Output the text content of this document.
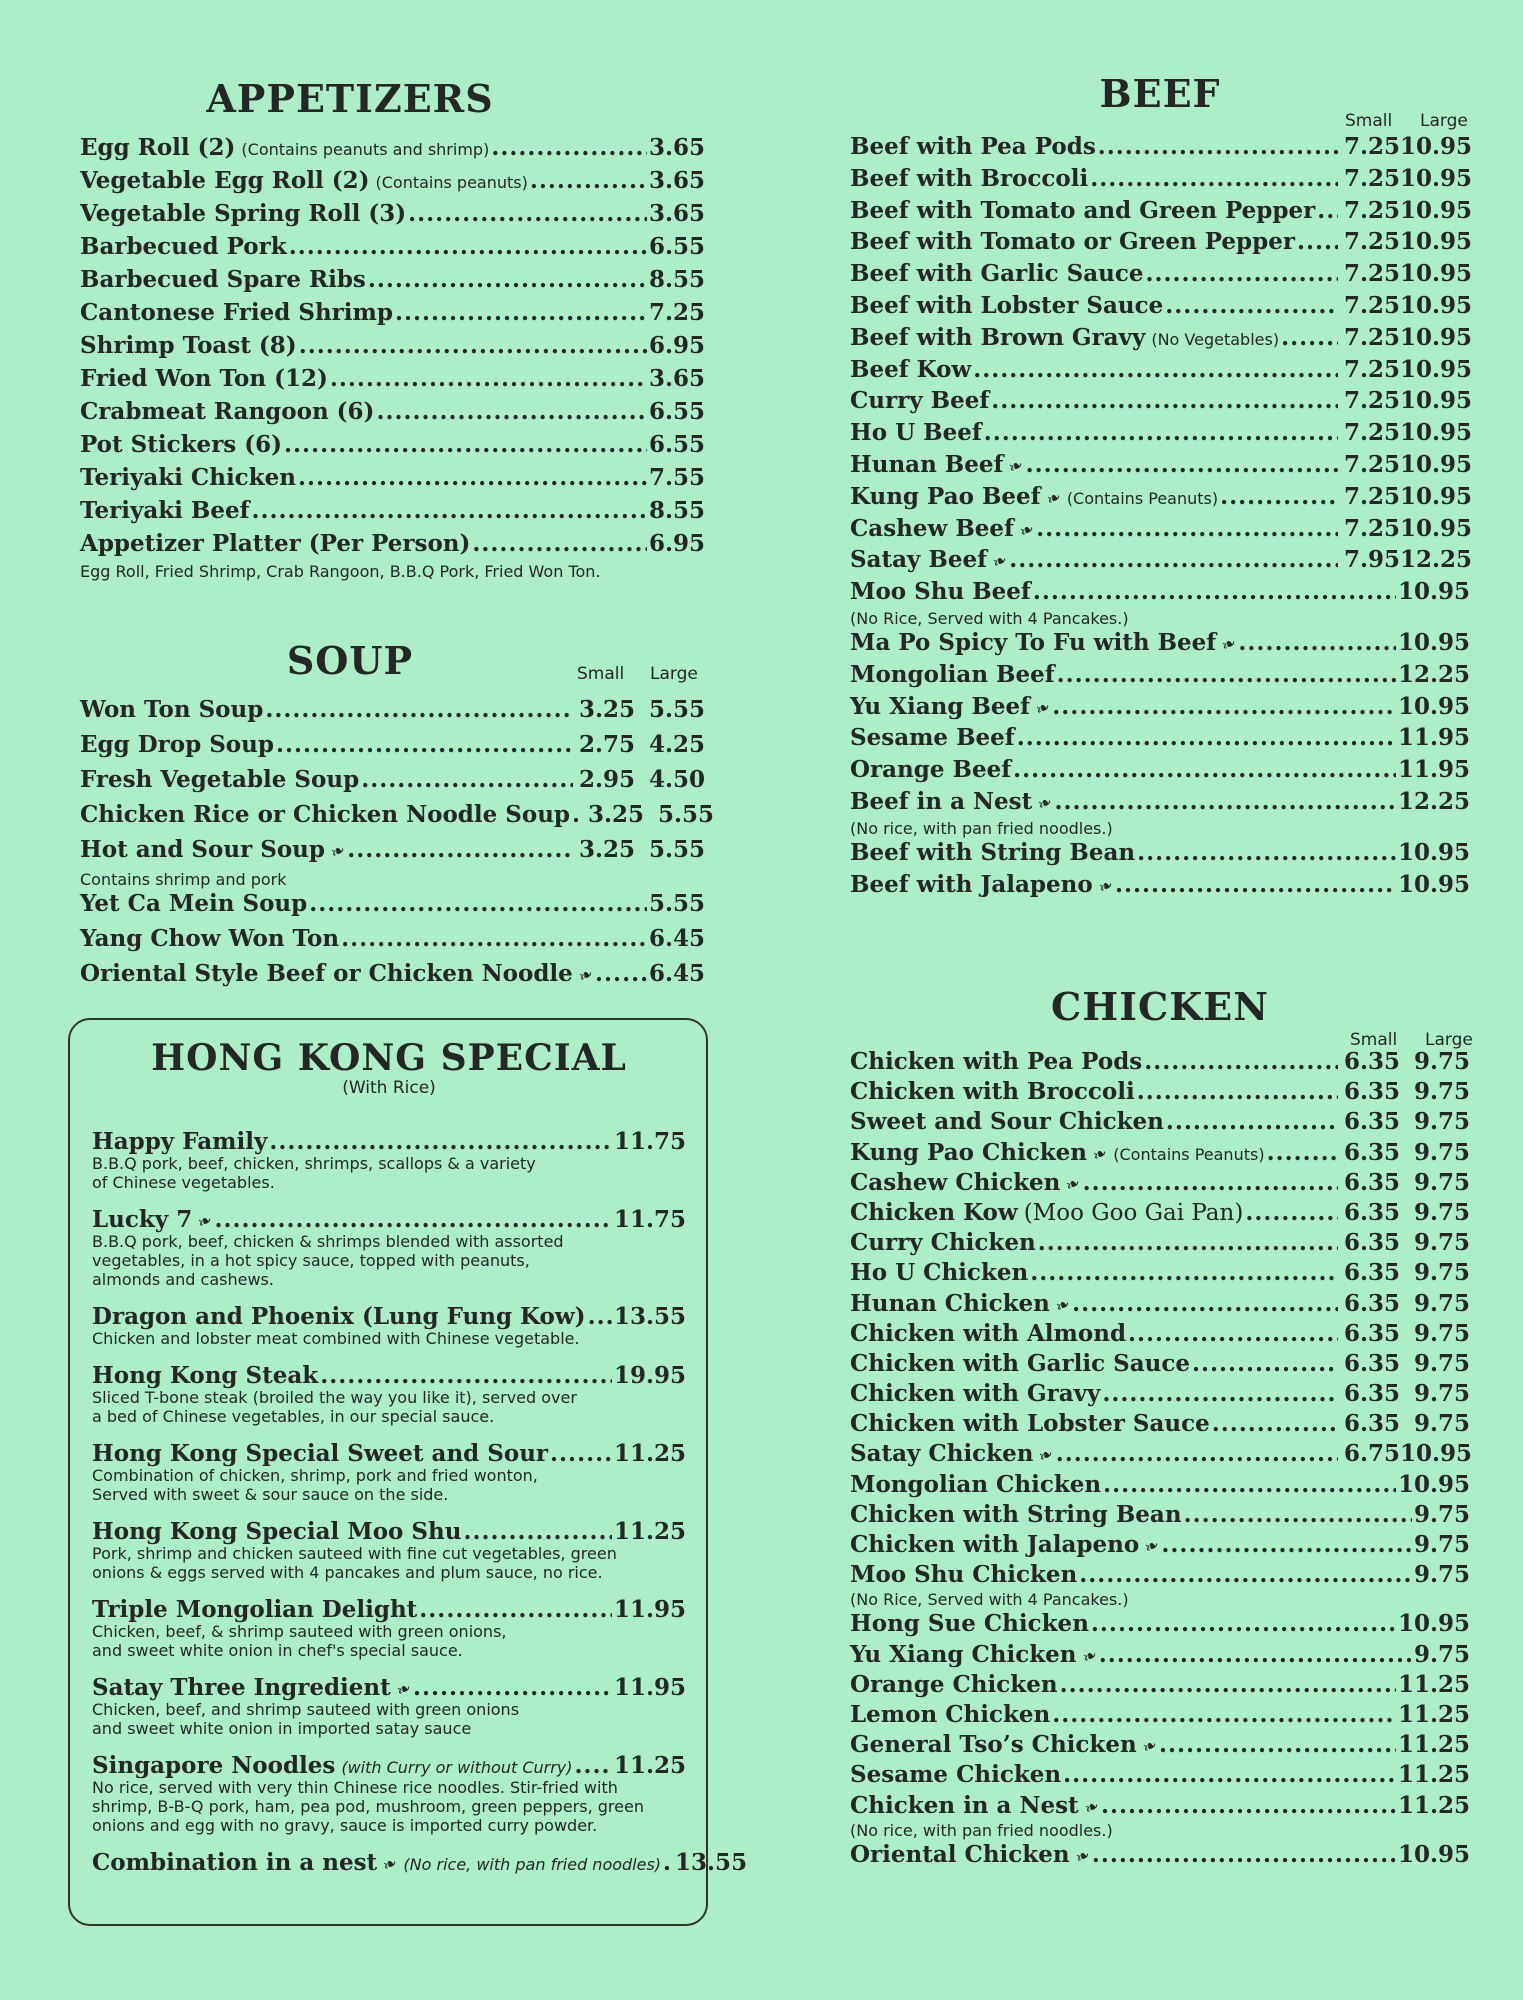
APPETIZERS
Egg Roll (2) (Contains peanuts and shrimp) .....	3.65
Vegetable Egg Roll (2) (Contains peanuts) .....	3.65
Vegetable Spring Roll (3) .....	3.65
Barbecued Pork .....	6.55
Barbecued Spare Ribs .....	8.55
Cantonese Fried Shrimp .....	7.25
Shrimp Toast (8) .....	6.95
Fried Won Ton (12) .....	3.65
Crabmeat Rangoon (6) .....	6.55
Pot Stickers (6) .....	6.55
Teriyaki Chicken .....	7.55
Teriyaki Beef .....	8.55
Appetizer Platter (Per Person) .....	6.95
Egg Roll, Fried Shrimp, Crab Rangoon, B.B.Q Pork, Fried Won Ton.
SOUP	Small Large
Won Ton Soup .....	3.25 5.55
Egg Drop Soup .....	2.75 4.25
Fresh Vegetable Soup .....	2.95 4.50
Chicken Rice or Chicken Noodle Soup ..... 3.25 5.55
Hot and Sour Soup ❧ .....	3.25 5.55
Contains shrimp and pork
Yet Ca Mein Soup .....	5.55
Yang Chow Won Ton .....	6.45
Oriental Style Beef or Chicken Noodle ❧ ..... 6.45
HONG KONG SPECIAL
(With Rice)
Happy Family .....	11.75
B.B.Q pork, beef, chicken, shrimps, scallops & a variety
of Chinese vegetables.
Lucky 7 ❧ .....	11.75
B.B.Q pork, beef, chicken & shrimps blended with assorted
vegetables, in a hot spicy sauce, topped with peanuts,
almonds and cashews.
Dragon and Phoenix (Lung Fung Kow) ..... 13.55
Chicken and lobster meat combined with Chinese vegetable.
Hong Kong Steak .....	19.95
Sliced T-bone steak (broiled the way you like it), served over
a bed of Chinese vegetables, in our special sauce.
Hong Kong Special Sweet and Sour .....	11.25
Combination of chicken, shrimp, pork and fried wonton,
Served with sweet & sour sauce on the side.
Hong Kong Special Moo Shu .....	11.25
Pork, shrimp and chicken sauteed with fine cut vegetables, green
onions & eggs served with 4 pancakes and plum sauce, no rice.
Triple Mongolian Delight .....	11.95
Chicken, beef, & shrimp sauteed with green onions,
and sweet white onion in chef's special sauce.
Satay Three Ingredient ❧ .....	11.95
Chicken, beef, and shrimp sauteed with green onions
and sweet white onion in imported satay sauce
Singapore Noodles (with Curry or without Curry) ..... 11.25
No rice, served with very thin Chinese rice noodles. Stir-fried with
shrimp, B-B-Q pork, ham, pea pod, mushroom, green peppers, green
onions and egg with no gravy, sauce is imported curry powder.
Combination in a nest ❧ (No rice, with pan fried noodles) ..... 13.55
BEEF
Small Large
Beef with Pea Pods .....	7.25 10.95
Beef with Broccoli .....	7.25 10.95
Beef with Tomato and Green Pepper ..... 7.25 10.95
Beef with Tomato or Green Pepper ..... 7.25 10.95
Beef with Garlic Sauce .....	7.25 10.95
Beef with Lobster Sauce .....	7.25 10.95
Beef with Brown Gravy (No Vegetables) .....	7.25 10.95
Beef Kow .....	7.25 10.95
Curry Beef .....	7.25 10.95
Ho U Beef .....	7.25 10.95
Hunan Beef ❧ .....	7.25 10.95
Kung Pao Beef ❧ (Contains Peanuts) .....	7.25 10.95
Cashew Beef ❧ .....	7.25 10.95
Satay Beef ❧ .....	7.95 12.25
Moo Shu Beef .....	10.95
(No Rice, Served with 4 Pancakes.)
Ma Po Spicy To Fu with Beef ❧ .....	10.95
Mongolian Beef .....	12.25
Yu Xiang Beef ❧ .....	10.95
Sesame Beef .....	11.95
Orange Beef .....	11.95
Beef in a Nest ❧ .....	12.25
(No rice, with pan fried noodles.)
Beef with String Bean .....	10.95
Beef with Jalapeno ❧ .....	10.95
CHICKEN
Small Large
Chicken with Pea Pods .....	6.35 9.75
Chicken with Broccoli .....	6.35 9.75
Sweet and Sour Chicken .....	6.35 9.75
Kung Pao Chicken ❧ (Contains Peanuts) .....	6.35 9.75
Cashew Chicken ❧ .....	6.35 9.75
Chicken Kow (Moo Goo Gai Pan) .....	6.35 9.75
Curry Chicken .....	6.35 9.75
Ho U Chicken .....	6.35 9.75
Hunan Chicken ❧ .....	6.35 9.75
Chicken with Almond .....	6.35 9.75
Chicken with Garlic Sauce .....	6.35 9.75
Chicken with Gravy .....	6.35 9.75
Chicken with Lobster Sauce .....	6.35 9.75
Satay Chicken ❧ .....	6.75 10.95
Mongolian Chicken .....	10.95
Chicken with String Bean .....	9.75
Chicken with Jalapeno ❧ .....	9.75
Moo Shu Chicken .....	9.75
(No Rice, Served with 4 Pancakes.)
Hong Sue Chicken .....	10.95
Yu Xiang Chicken ❧ .....	9.75
Orange Chicken .....	11.25
Lemon Chicken .....	11.25
General Tso’s Chicken ❧ .....	11.25
Sesame Chicken .....	11.25
Chicken in a Nest ❧ .....	11.25
(No rice, with pan fried noodles.)
Oriental Chicken ❧ .....	10.95
